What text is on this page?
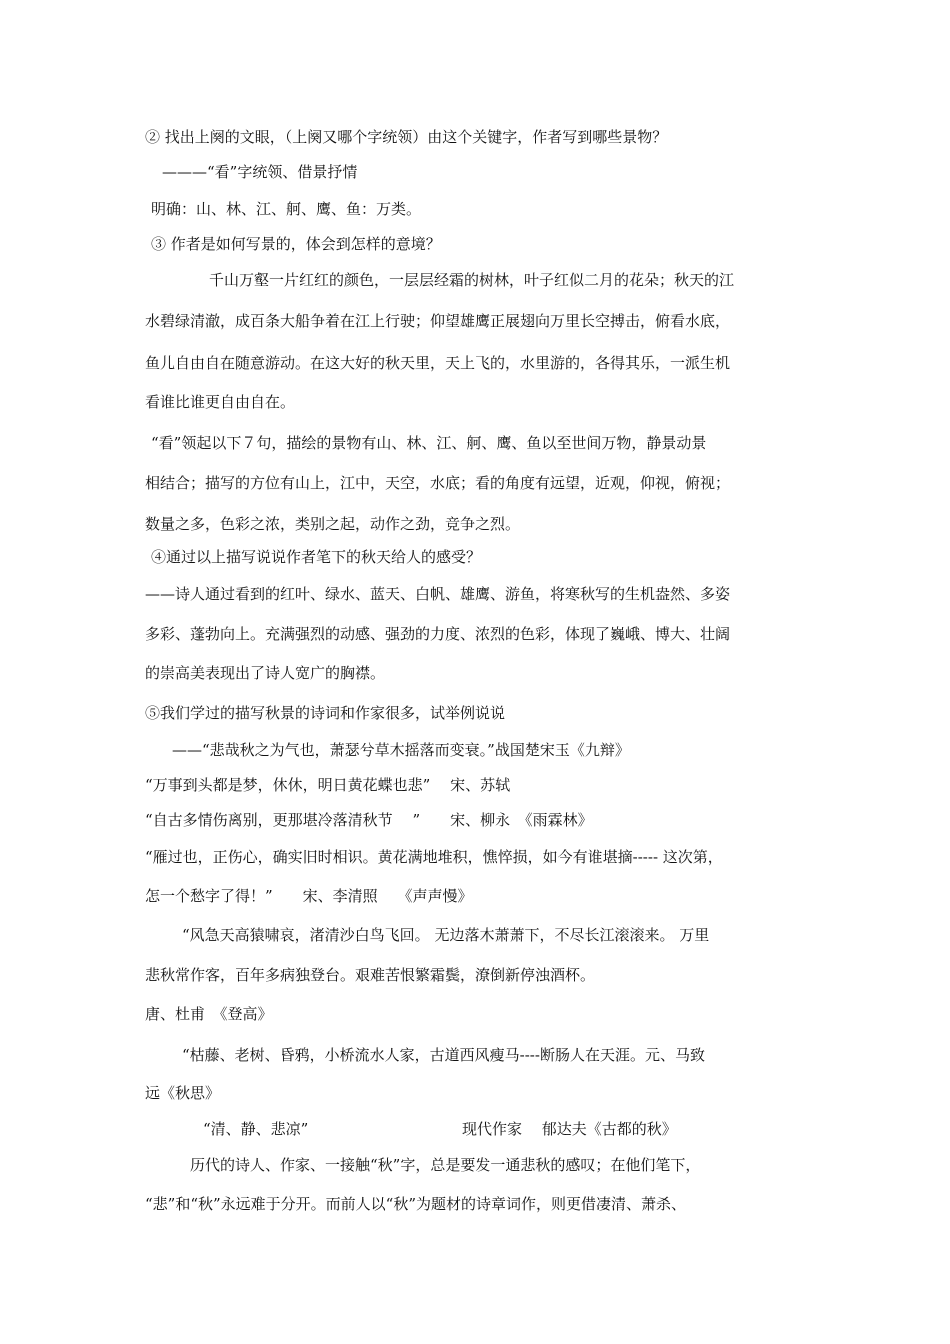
② 找出上阕的文眼，（上阕又哪个字统领）由这个关键字，作者写到哪些景物？
———“看”字统领、借景抒情
明确：山、林、江、舸、鹰、鱼：万类。
③ 作者是如何写景的，体会到怎样的意境？
千山万壑一片红红的颜色，一层层经霜的树林，叶子红似二月的花朵；秋天的江
水碧绿清澈，成百条大船争着在江上行驶；仰望雄鹰正展翅向万里长空搏击，俯看水底，
鱼儿自由自在随意游动。在这大好的秋天里，天上飞的，水里游的，各得其乐，一派生机
看谁比谁更自由自在。
“看”领起以下７句，描绘的景物有山、林、江、舸、鹰、鱼以至世间万物，静景动景
相结合；描写的方位有山上，江中，天空，水底；看的角度有远望，近观，仰视，俯视；
数量之多，色彩之浓，类别之起，动作之劲，竞争之烈。
④通过以上描写说说作者笔下的秋天给人的感受？
——诗人通过看到的红叶、绿水、蓝天、白帆、雄鹰、游鱼，将寒秋写的生机盎然、多姿
多彩、蓬勃向上。充满强烈的动感、强劲的力度、浓烈的色彩，体现了巍峨、博大、壮阔
的崇高美表现出了诗人宽广的胸襟。
⑤我们学过的描写秋景的诗词和作家很多，试举例说说
——“悲哉秋之为气也，萧瑟兮草木摇落而变衰。”战国楚宋玉《九辩》
“万事到头都是梦，休休，明日黄花蝶也悲”　 宋、苏轼
“自古多情伤离别，更那堪冷落清秋节　 ”　　宋、柳永　《雨霖林》
“雁过也，正伤心，确实旧时相识。黄花满地堆积，憔悴损，如今有谁堪摘----- 这次第，
怎一个愁字了得！”　　宋、李清照　 《声声慢》
“风急天高猿啸哀，渚清沙白鸟飞回。 无边落木萧萧下，不尽长江滚滚来。 万里
悲秋常作客，百年多病独登台。艰难苦恨繁霜鬓，潦倒新停浊酒杯。
唐、杜甫　《登高》
“枯藤、老树、昏鸦，小桥流水人家，古道西风瘦马----断肠人在天涯。元、马致
远《秋思》
“清、静、悲凉”	现代作家　 郁达夫《古都的秋》
历代的诗人、作家、一接触“秋”字，总是要发一通悲秋的感叹；在他们笔下，
“悲”和“秋”永远难于分开。而前人以“秋”为题材的诗章词作，则更借凄清、萧杀、
